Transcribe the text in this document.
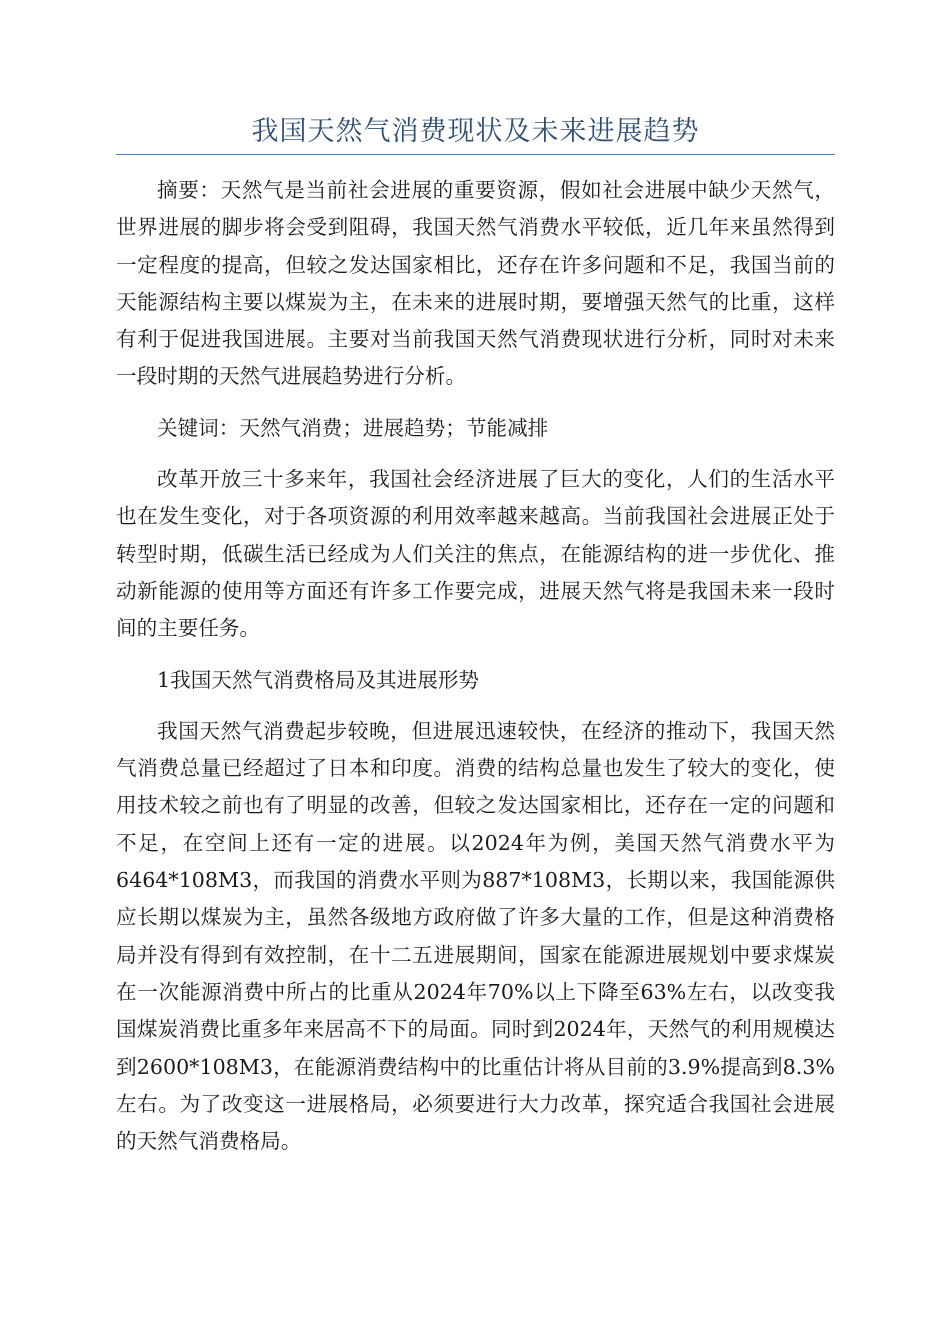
我国天然气消费现状及未来进展趋势

摘要：天然气是当前社会进展的重要资源，假如社会进展中缺少天然气，世界进展的脚步将会受到阻碍，我国天然气消费水平较低，近几年来虽然得到一定程度的提高，但较之发达国家相比，还存在许多问题和不足，我国当前的天能源结构主要以煤炭为主，在未来的进展时期，要增强天然气的比重，这样有利于促进我国进展。主要对当前我国天然气消费现状进行分析，同时对未来一段时期的天然气进展趋势进行分析。

关键词：天然气消费；进展趋势；节能减排

改革开放三十多来年，我国社会经济进展了巨大的变化，人们的生活水平也在发生变化，对于各项资源的利用效率越来越高。当前我国社会进展正处于转型时期，低碳生活已经成为人们关注的焦点，在能源结构的进一步优化、推动新能源的使用等方面还有许多工作要完成，进展天然气将是我国未来一段时间的主要任务。

1我国天然气消费格局及其进展形势

我国天然气消费起步较晚，但进展迅速较快，在经济的推动下，我国天然气消费总量已经超过了日本和印度。消费的结构总量也发生了较大的变化，使用技术较之前也有了明显的改善，但较之发达国家相比，还存在一定的问题和不足，在空间上还有一定的进展。以2024年为例，美国天然气消费水平为6464*108M3，而我国的消费水平则为887*108M3，长期以来，我国能源供应长期以煤炭为主，虽然各级地方政府做了许多大量的工作，但是这种消费格局并没有得到有效控制，在十二五进展期间，国家在能源进展规划中要求煤炭在一次能源消费中所占的比重从2024年70%以上下降至63%左右，以改变我国煤炭消费比重多年来居高不下的局面。同时到2024年，天然气的利用规模达到2600*108M3，在能源消费结构中的比重估计将从目前的3.9%提高到8.3%左右。为了改变这一进展格局，必须要进行大力改革，探究适合我国社会进展的天然气消费格局。
